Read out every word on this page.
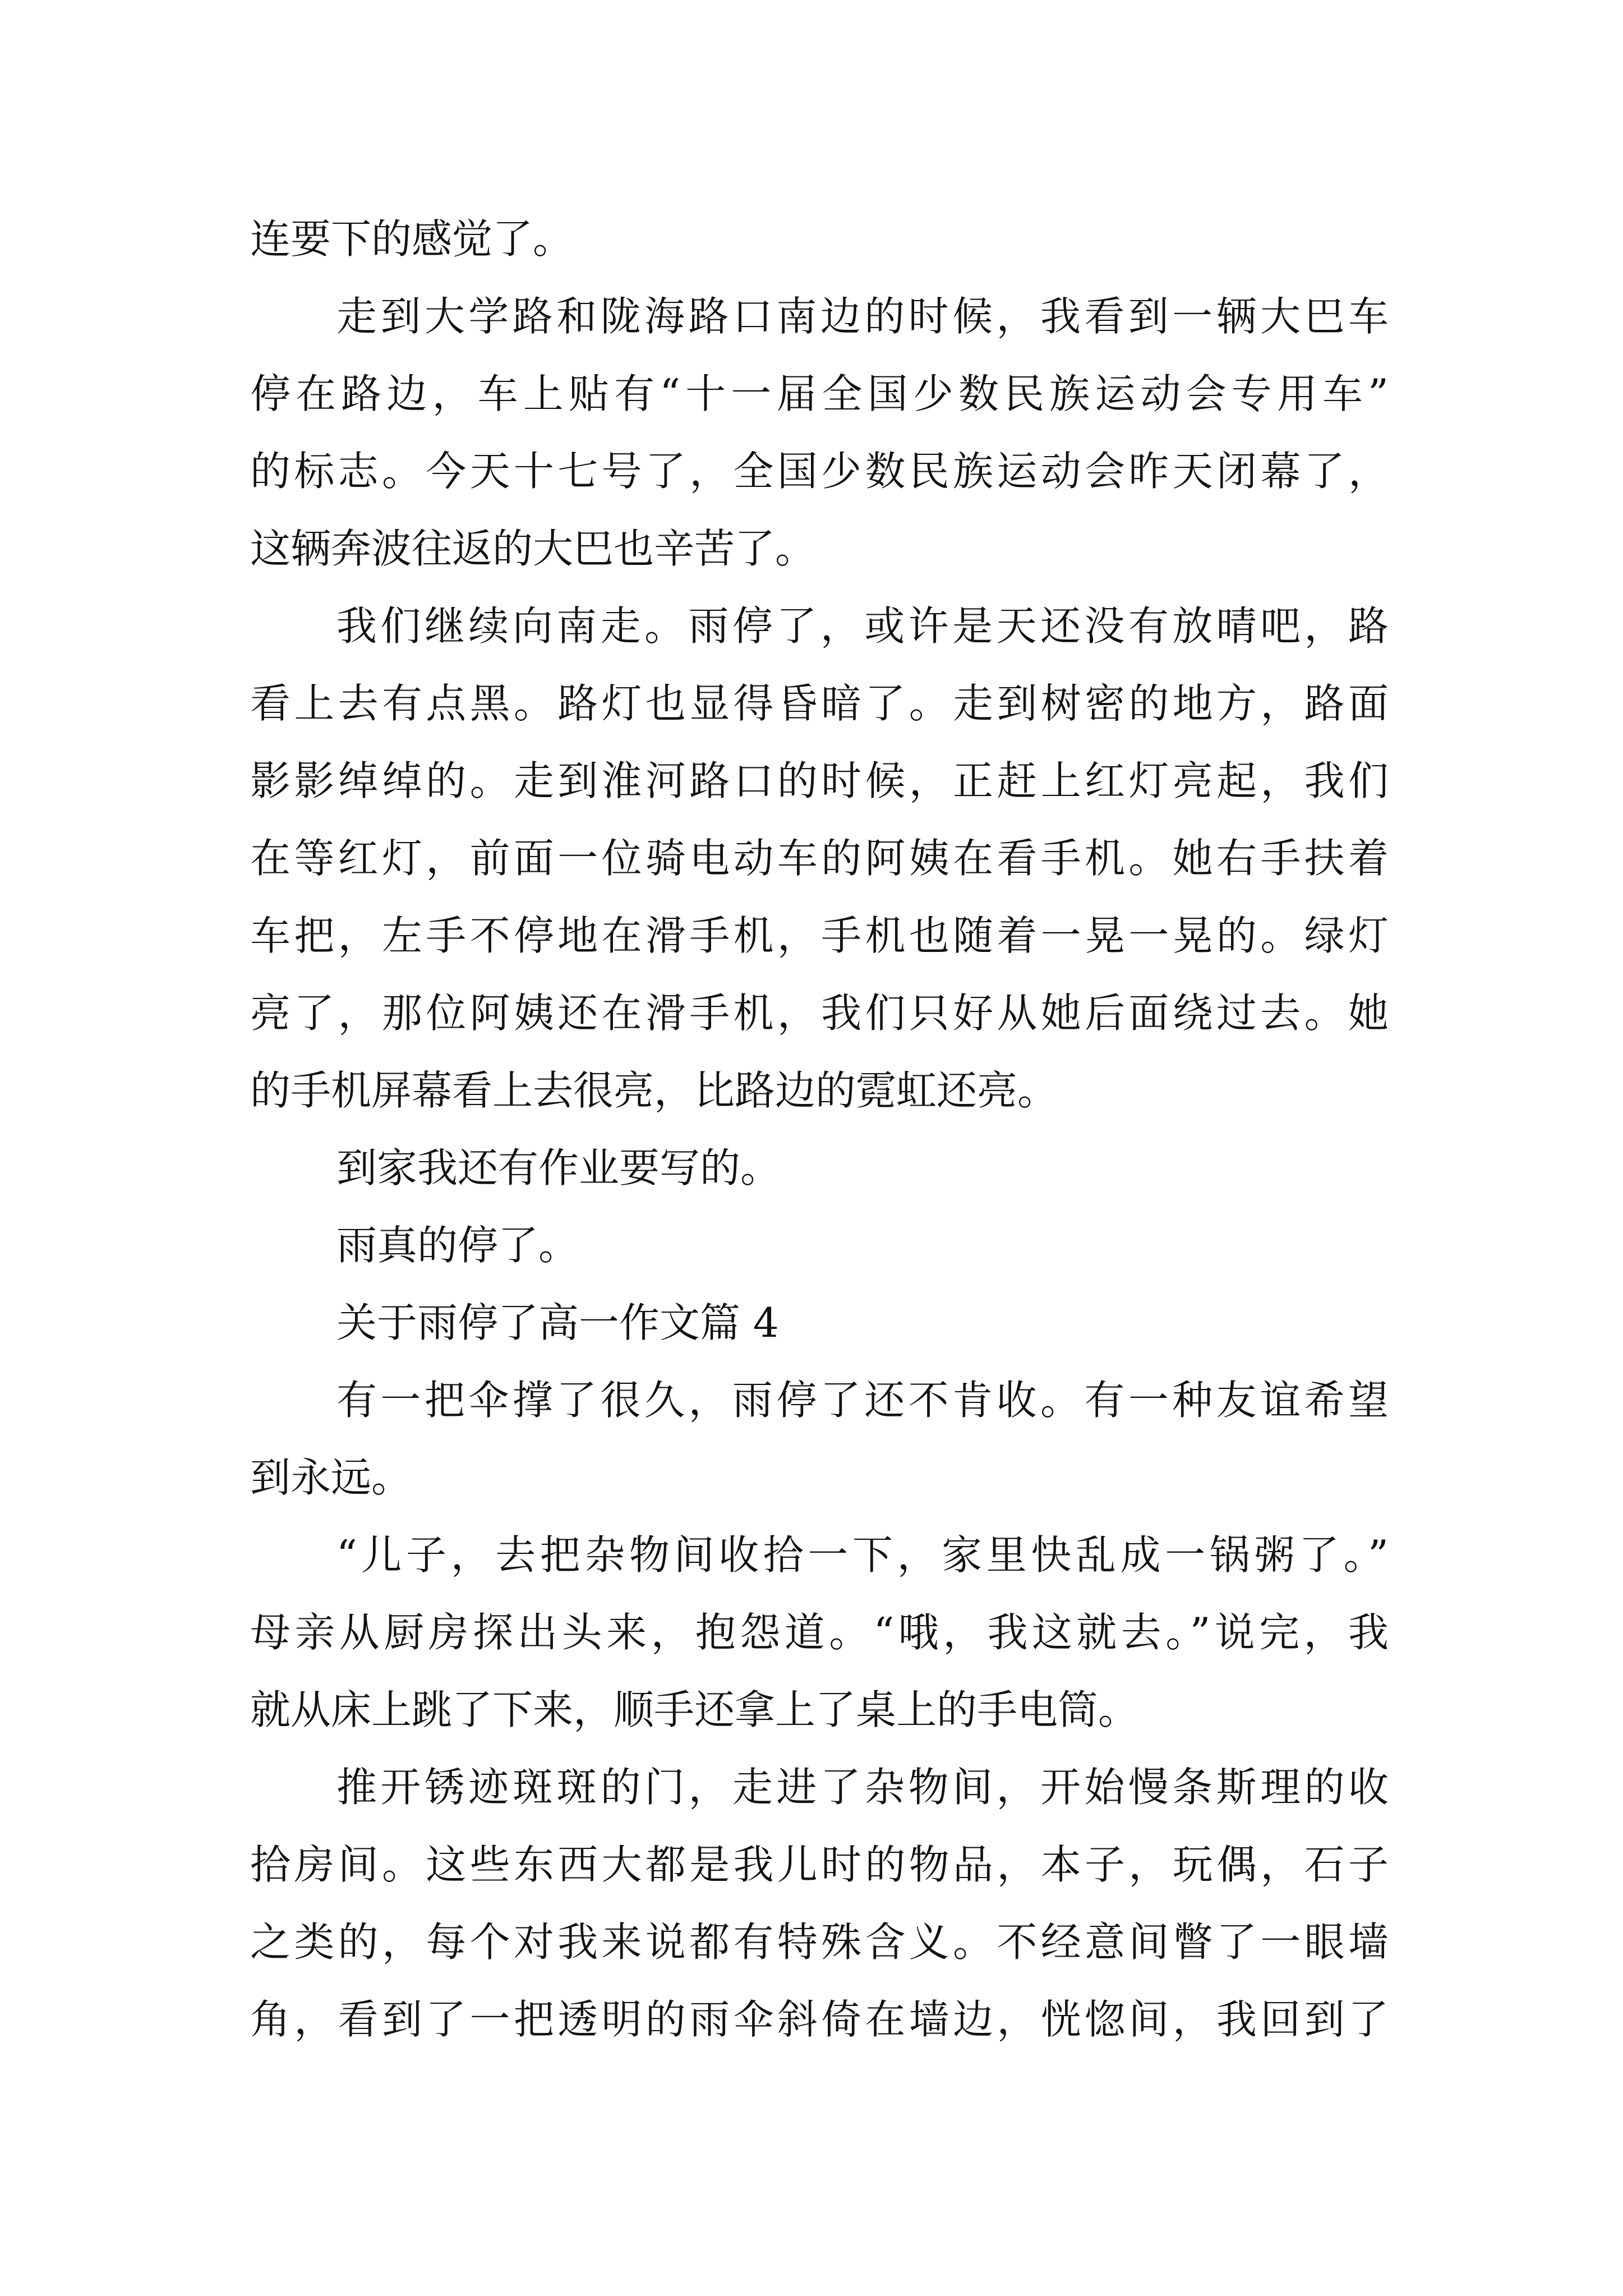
连要下的感觉了。
走到大学路和陇海路口南边的时候，我看到一辆大巴车
停在路边，车上贴有“十一届全国少数民族运动会专用车”
的标志。今天十七号了，全国少数民族运动会昨天闭幕了，
这辆奔波往返的大巴也辛苦了。
我们继续向南走。雨停了，或许是天还没有放晴吧，路
看上去有点黑。路灯也显得昏暗了。走到树密的地方，路面
影影绰绰的。走到淮河路口的时候，正赶上红灯亮起，我们
在等红灯，前面一位骑电动车的阿姨在看手机。她右手扶着
车把，左手不停地在滑手机，手机也随着一晃一晃的。绿灯
亮了，那位阿姨还在滑手机，我们只好从她后面绕过去。她
的手机屏幕看上去很亮，比路边的霓虹还亮。
到家我还有作业要写的。
雨真的停了。
关于雨停了高一作文篇 4
有一把伞撑了很久，雨停了还不肯收。有一种友谊希望
到永远。
“儿子，去把杂物间收拾一下，家里快乱成一锅粥了。”
母亲从厨房探出头来，抱怨道。“哦，我这就去。”说完，我
就从床上跳了下来，顺手还拿上了桌上的手电筒。
推开锈迹斑斑的门，走进了杂物间，开始慢条斯理的收
拾房间。这些东西大都是我儿时的物品，本子，玩偶，石子
之类的，每个对我来说都有特殊含义。不经意间瞥了一眼墙
角，看到了一把透明的雨伞斜倚在墙边，恍惚间，我回到了
